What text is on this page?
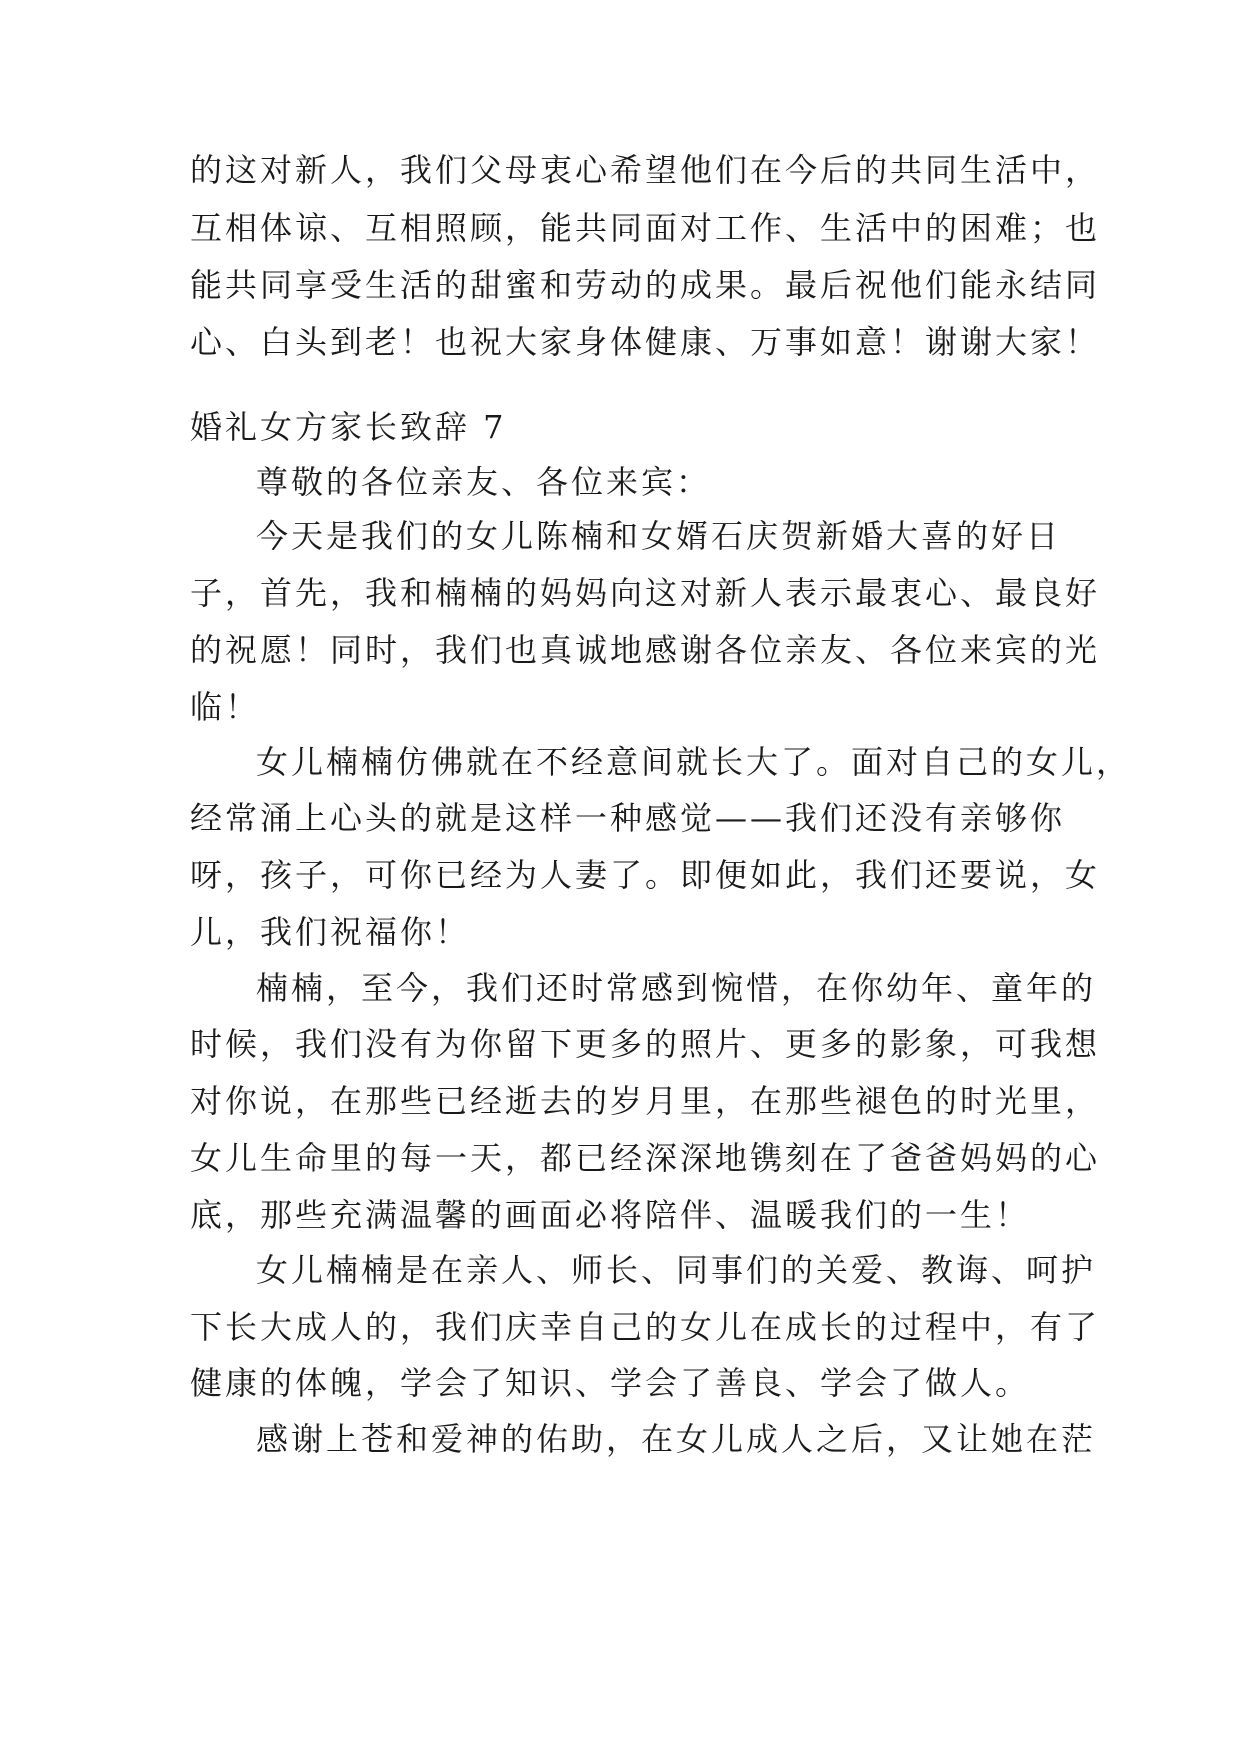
的这对新人，我们父母衷心希望他们在今后的共同生活中，
互相体谅、互相照顾，能共同面对工作、生活中的困难；也
能共同享受生活的甜蜜和劳动的成果。最后祝他们能永结同
心、白头到老！也祝大家身体健康、万事如意！谢谢大家！
婚礼女方家长致辞 7
尊敬的各位亲友、各位来宾：
今天是我们的女儿陈楠和女婿石庆贺新婚大喜的好日
子，首先，我和楠楠的妈妈向这对新人表示最衷心、最良好
的祝愿！同时，我们也真诚地感谢各位亲友、各位来宾的光
临！
女儿楠楠仿佛就在不经意间就长大了。面对自己的女儿，
经常涌上心头的就是这样一种感觉——我们还没有亲够你
呀，孩子，可你已经为人妻了。即便如此，我们还要说，女
儿，我们祝福你！
楠楠，至今，我们还时常感到惋惜，在你幼年、童年的
时候，我们没有为你留下更多的照片、更多的影象，可我想
对你说，在那些已经逝去的岁月里，在那些褪色的时光里，
女儿生命里的每一天，都已经深深地镌刻在了爸爸妈妈的心
底，那些充满温馨的画面必将陪伴、温暖我们的一生！
女儿楠楠是在亲人、师长、同事们的关爱、教诲、呵护
下长大成人的，我们庆幸自己的女儿在成长的过程中，有了
健康的体魄，学会了知识、学会了善良、学会了做人。
感谢上苍和爱神的佑助，在女儿成人之后，又让她在茫
